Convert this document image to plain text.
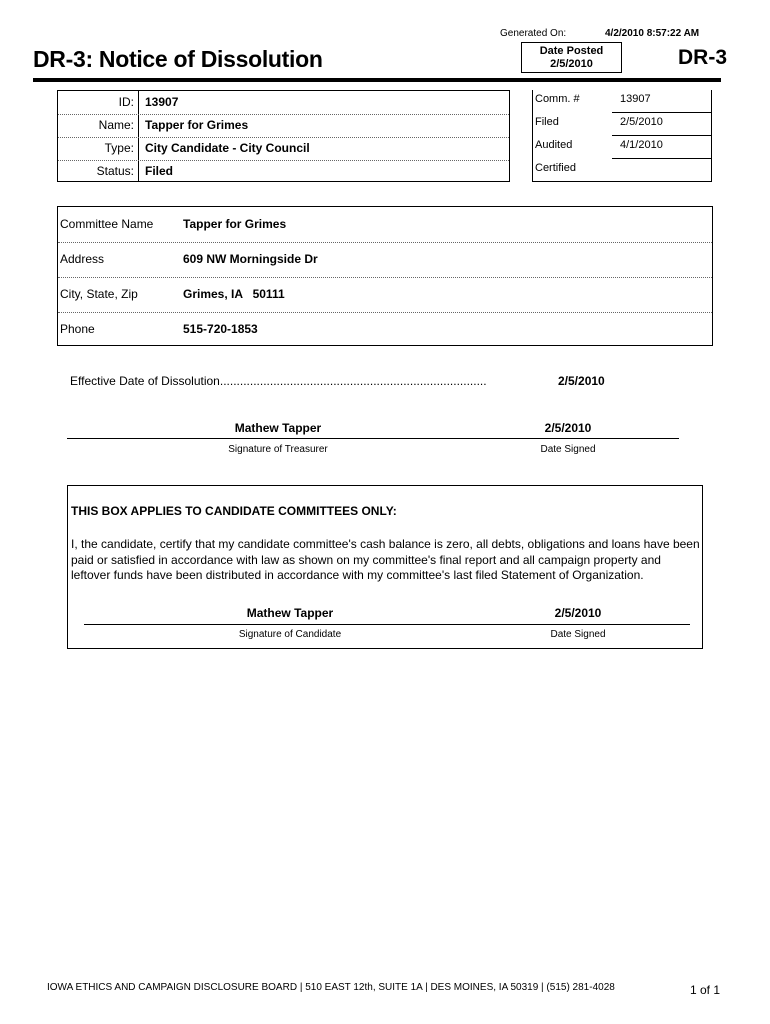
Generated On:	4/2/2010 8:57:22 AM
DR-3: Notice of Dissolution	Date Posted
2/5/2010	DR-3
ID: 13907
Name: Tapper for Grimes
Type: City Candidate - City Council
Status: Filed
Comm. #	13907
Filed	2/5/2010
Audited	4/1/2010
Certified
Committee Name Tapper for Grimes
Address	609 NW Morningside Dr
City, State, Zip	Grimes, IA   50111
Phone	515-720-1853
Effective Date of Dissolution................................................................................	2/5/2010
Mathew Tapper	2/5/2010
Signature of Treasurer	Date Signed
THIS BOX APPLIES TO CANDIDATE COMMITTEES ONLY:
I, the candidate, certify that my candidate committee's cash balance is zero, all debts, obligations and loans have been paid or satisfied in accordance with law as shown on my committee's final report and all campaign property and leftover funds have been distributed in accordance with my committee's last filed Statement of Organization.
Mathew Tapper	2/5/2010
Signature of Candidate	Date Signed
IOWA ETHICS AND CAMPAIGN DISCLOSURE BOARD | 510 EAST 12th, SUITE 1A | DES MOINES, IA 50319 | (515) 281-4028	1 of 1
